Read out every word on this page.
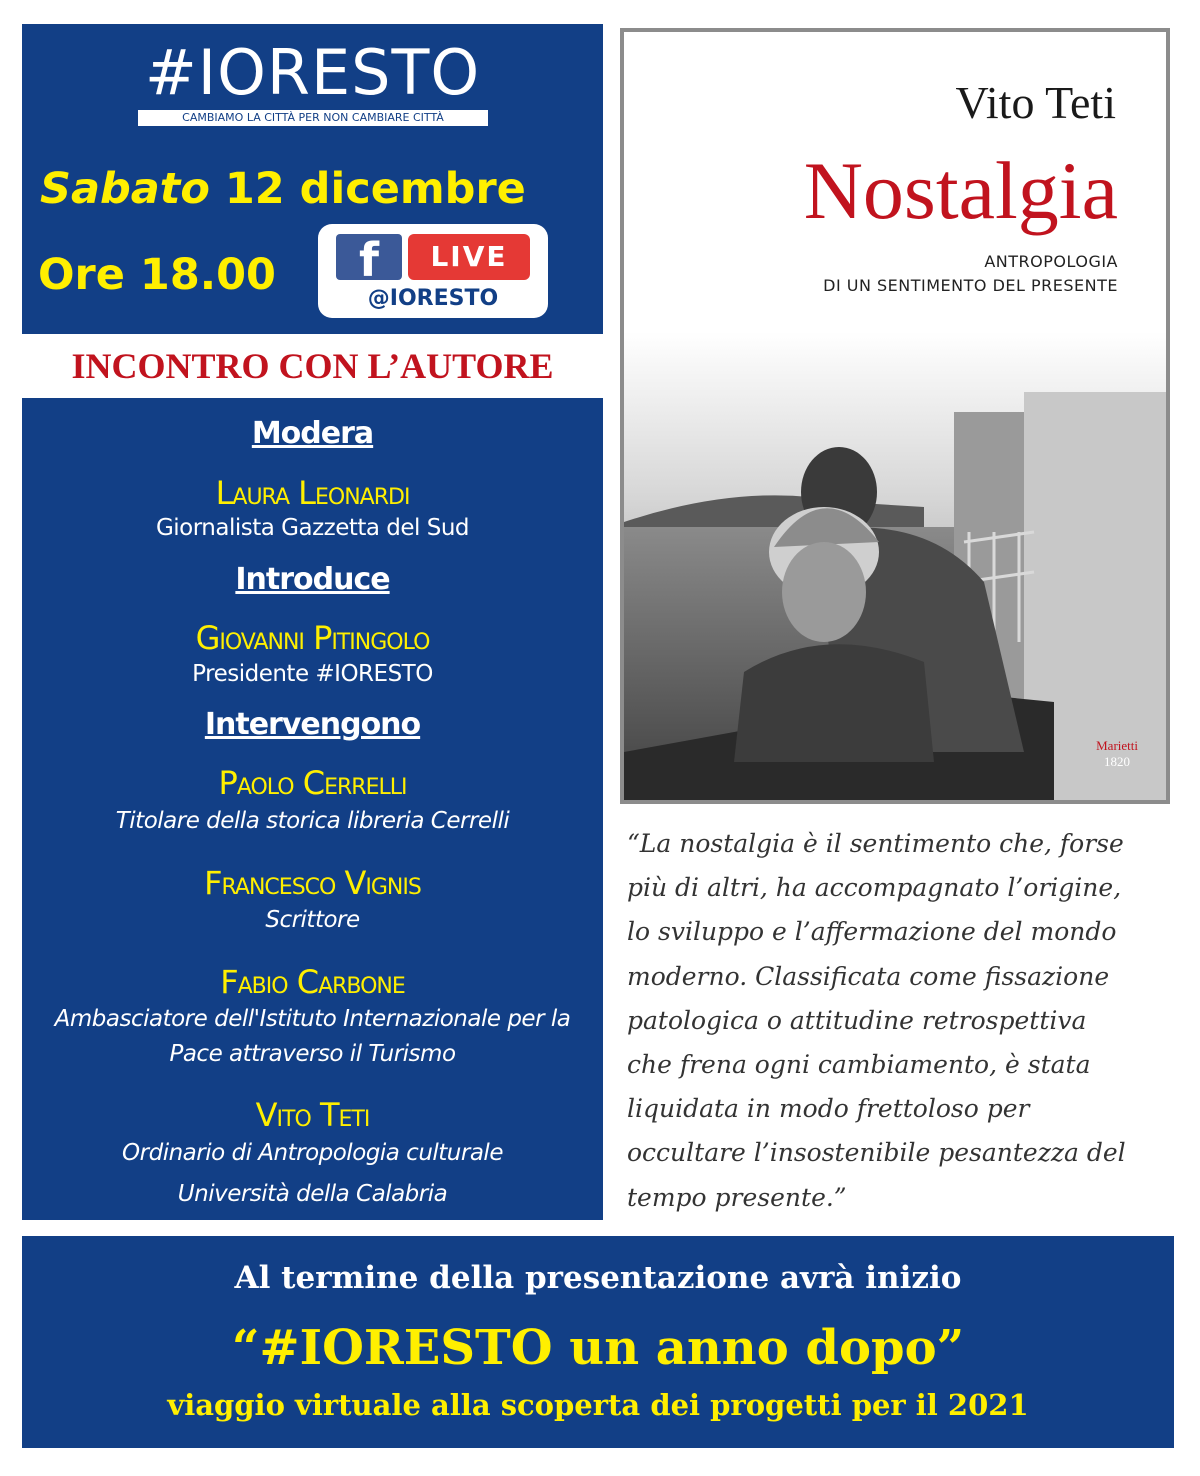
#IORESTO
CAMBIAMO LA CITTÀ PER NON CAMBIARE CITTÀ
Sabato 12 dicembre
Ore 18.00	f	LIVE
@IORESTO
INCONTRO CON L’AUTORE
Modera
Laura Leonardi
Giornalista Gazzetta del Sud
Introduce
Giovanni Pitingolo
Presidente #IORESTO
Intervengono
Paolo Cerrelli
Titolare della storica libreria Cerrelli
Francesco Vignis
Scrittore
Fabio Carbone
Ambasciatore dell'Istituto Internazionale per la
Pace attraverso il Turismo
Vito Teti
Ordinario di Antropologia culturale
Università della Calabria
Vito Teti
Nostalgia
ANTROPOLOGIA
DI UN SENTIMENTO DEL PRESENTE
Marietti
1820
“La nostalgia è il sentimento che, forse
più di altri, ha accompagnato l’origine,
lo sviluppo e l’affermazione del mondo
moderno. Classificata come fissazione
patologica o attitudine retrospettiva
che frena ogni cambiamento, è stata
liquidata in modo frettoloso per
occultare l’insostenibile pesantezza del
tempo presente.”
Al termine della presentazione avrà inizio
“#IORESTO un anno dopo”
viaggio virtuale alla scoperta dei progetti per il 2021
